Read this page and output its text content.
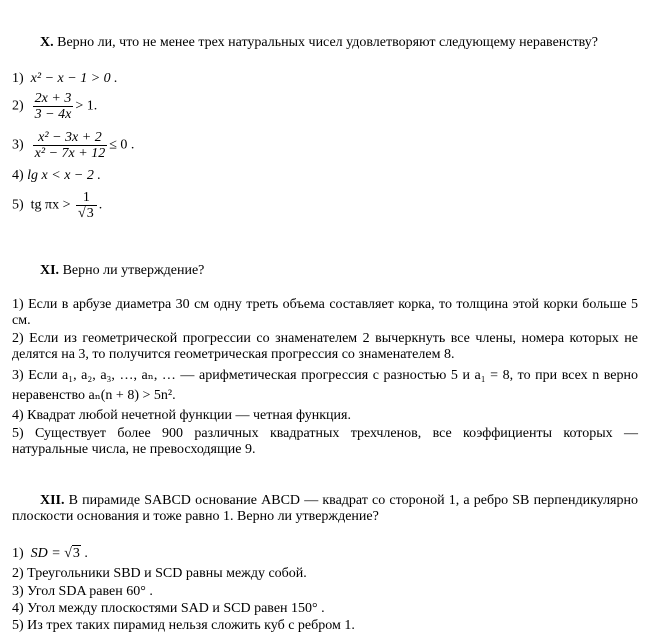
X. Верно ли, что не менее трех натуральных чисел удовлетворяют следующему неравенству?
1) x² − x − 1 > 0 .
$2) \frac{2x + 3}{3 - 4x} > 1$.
$3) \frac{\text{x² − 3x + 2}}{\text{x² − 7x + 12}} \le 0$ .
4) lg x < x − 2 .
5) tg $\pi x > \frac{1}{√3}$ .
XI. Верно ли утверждение?
1) Если в арбузе диаметра 30 см одну треть объема составляет корка, то толщина этой корки больше 5 см.
2) Если из геометрической прогрессии со знаменателем 2 вычеркнуть все члены, номера которых не делятся на 3, то получится геометрическая прогрессия со знаменателем 8.
3) Если a₁, a₂, a₃, …, aₙ, … — арифметическая прогрессия с разностью 5 и a₁ = 8, то при всех n верно неравенство aₙ(n + 8) > 5n².
4) Квадрат любой нечетной функции — четная функция.
5) Существует более 900 различных квадратных трехчленов, все коэффициенты которых — натуральные числа, не превосходящие 9.
XII. В пирамиде SABCD основание ABCD — квадрат со стороной 1, а ребро SB перпендикулярно плоскости основания и тоже равно 1. Верно ли утверждение?
1) SD = √3 .
2) Треугольники SBD и SCD равны между собой.
3) Угол SDA равен 60° .
4) Угол между плоскостями SAD и SCD равен 150° .
5) Из трех таких пирамид нельзя сложить куб с ребром 1.
